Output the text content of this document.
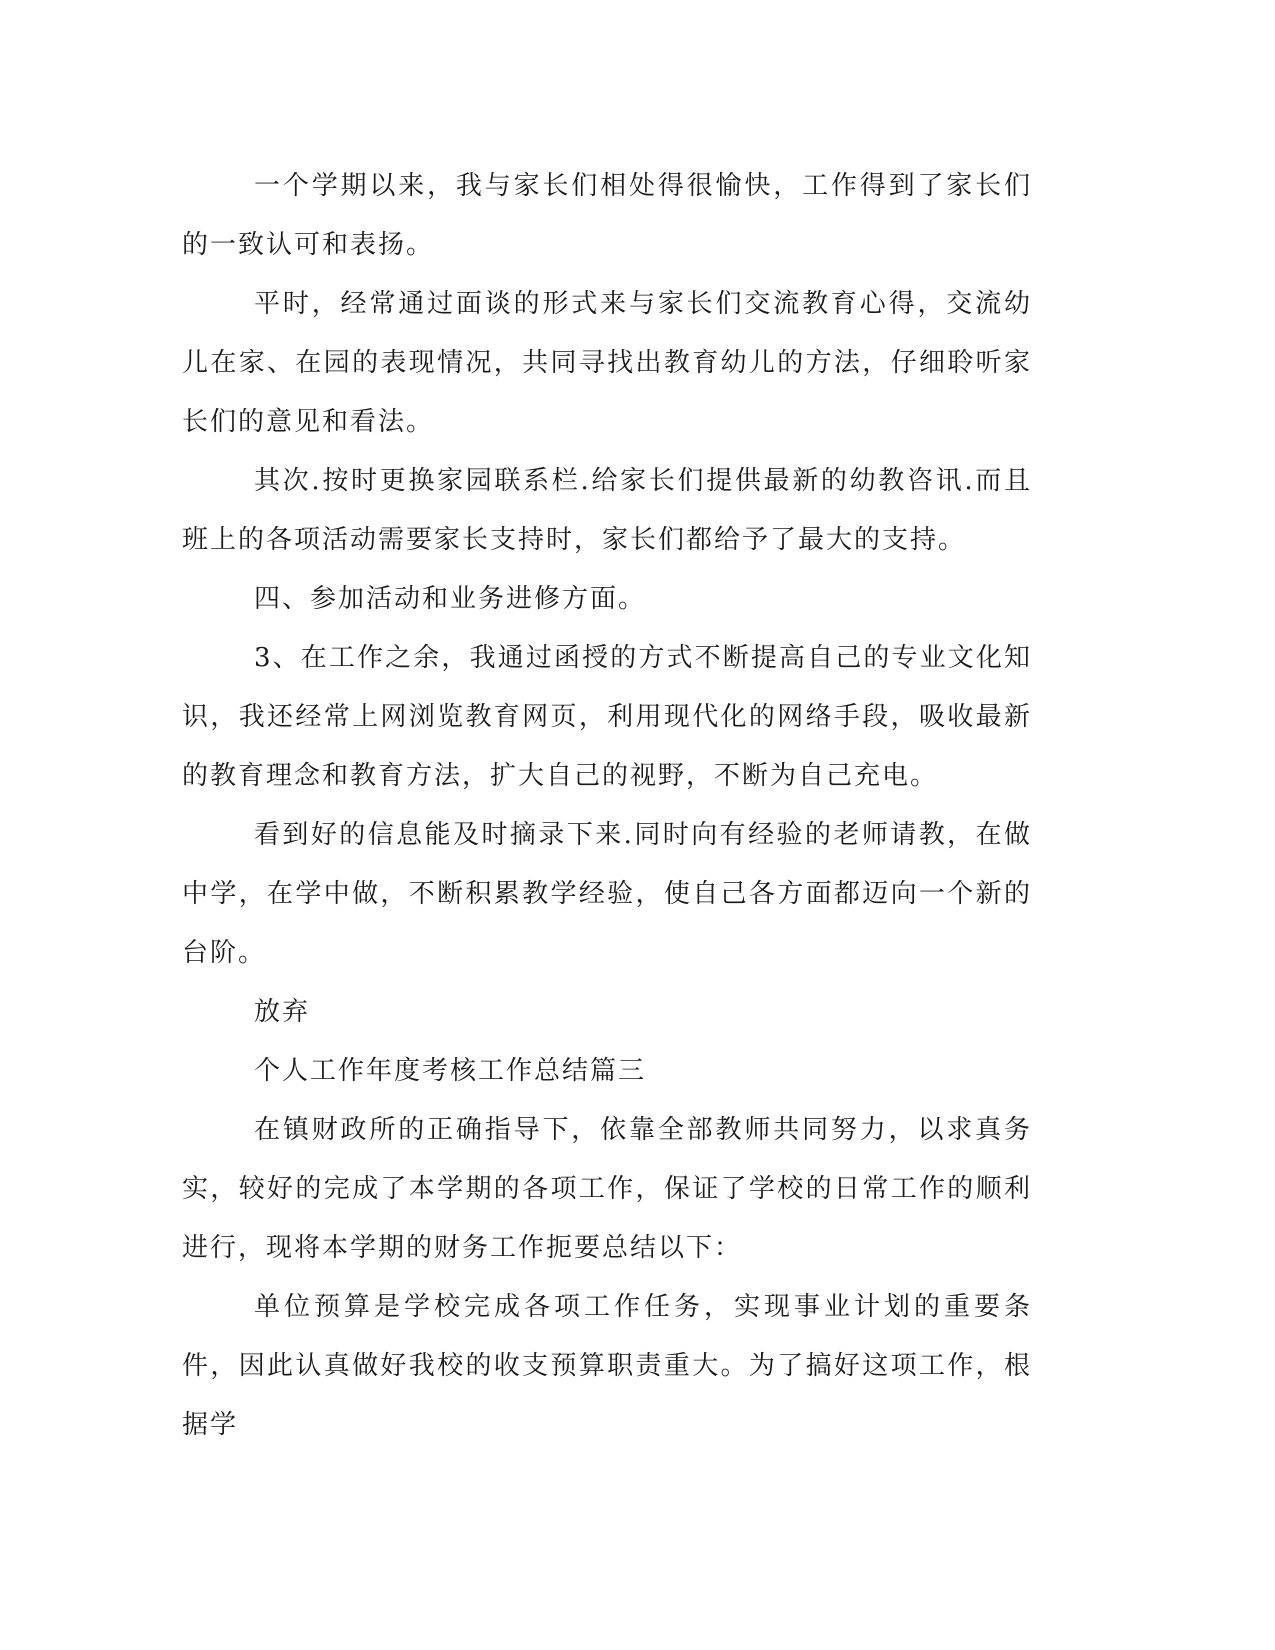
一个学期以来，我与家长们相处得很愉快，工作得到了家长们的一致认可和表扬。

平时，经常通过面谈的形式来与家长们交流教育心得，交流幼儿在家、在园的表现情况，共同寻找出教育幼儿的方法，仔细聆听家长们的意见和看法。

其次.按时更换家园联系栏.给家长们提供最新的幼教咨讯.而且班上的各项活动需要家长支持时，家长们都给予了最大的支持。

四、参加活动和业务进修方面。

3、在工作之余，我通过函授的方式不断提高自己的专业文化知识，我还经常上网浏览教育网页，利用现代化的网络手段，吸收最新的教育理念和教育方法，扩大自己的视野，不断为自己充电。

看到好的信息能及时摘录下来.同时向有经验的老师请教，在做中学，在学中做，不断积累教学经验，使自己各方面都迈向一个新的台阶。

放弃

个人工作年度考核工作总结篇三

在镇财政所的正确指导下，依靠全部教师共同努力，以求真务实，较好的完成了本学期的各项工作，保证了学校的日常工作的顺利进行，现将本学期的财务工作扼要总结以下：

单位预算是学校完成各项工作任务，实现事业计划的重要条件，因此认真做好我校的收支预算职责重大。为了搞好这项工作，根据学
